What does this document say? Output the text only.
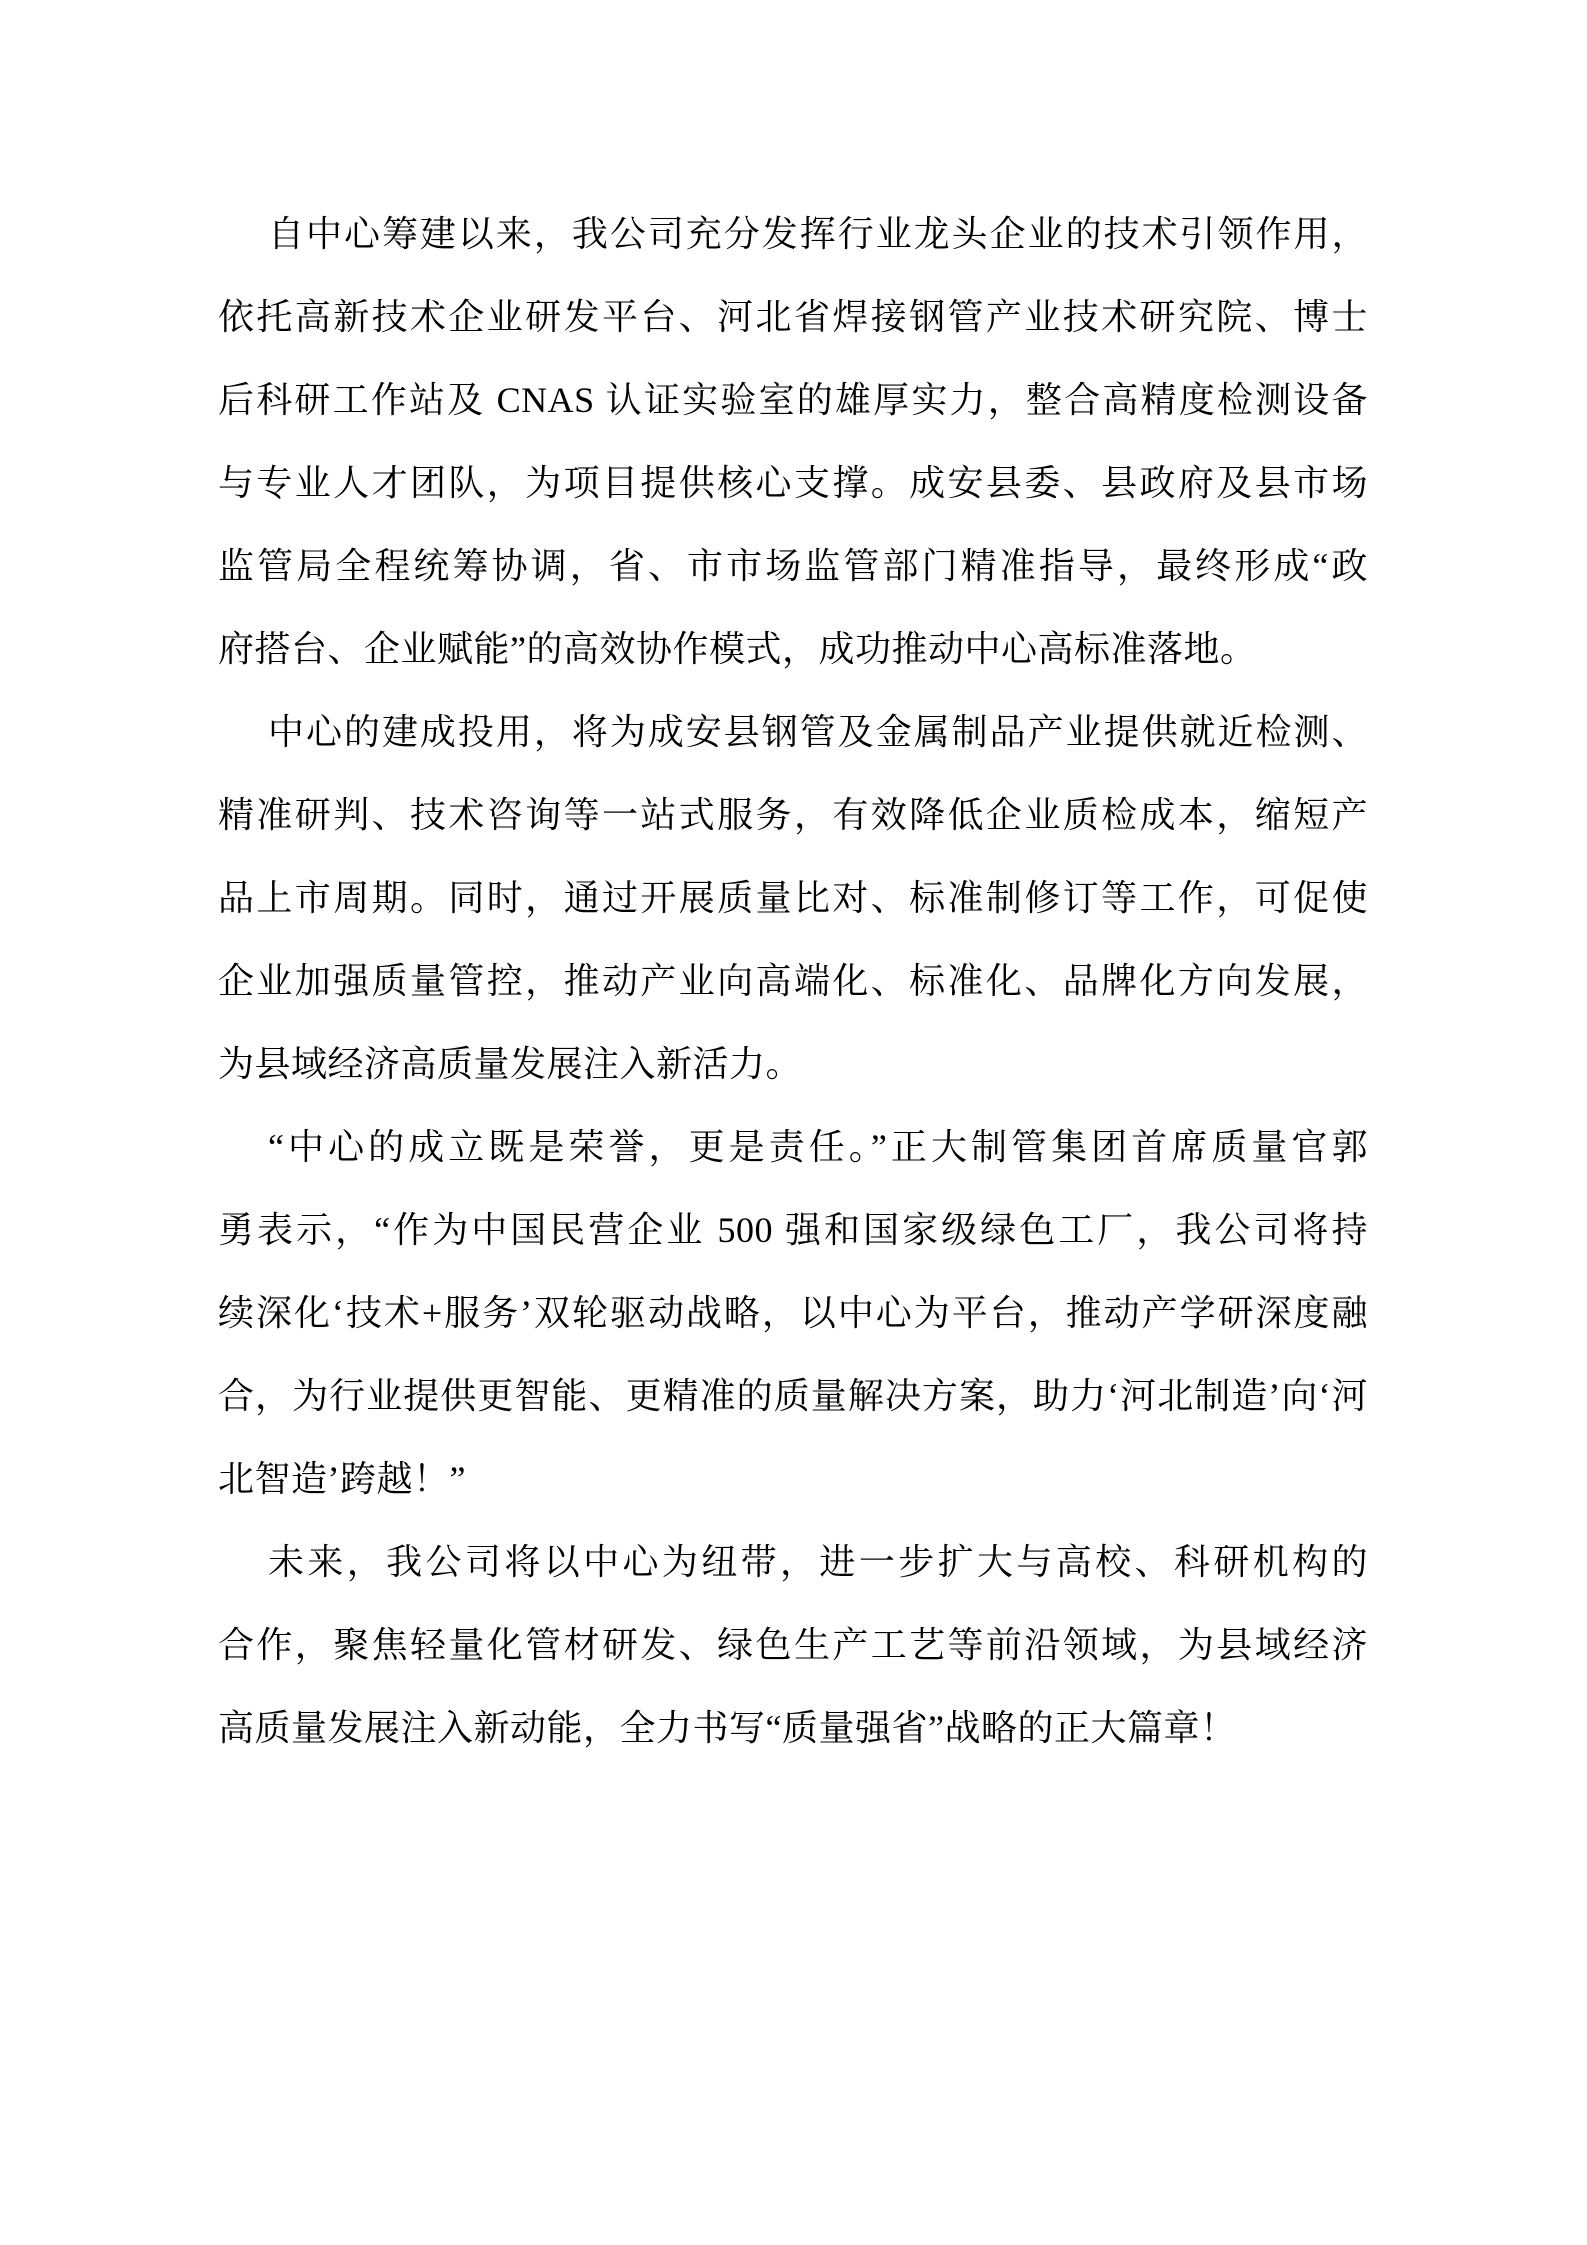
自中心筹建以来，我公司充分发挥行业龙头企业的技术引领作用，
依托高新技术企业研发平台、河北省焊接钢管产业技术研究院、博士
后科研工作站及 CNAS 认证实验室的雄厚实力，整合高精度检测设备
与专业人才团队，为项目提供核心支撑。成安县委、县政府及县市场
监管局全程统筹协调，省、市市场监管部门精准指导，最终形成“政
府搭台、企业赋能”的高效协作模式，成功推动中心高标准落地。
中心的建成投用，将为成安县钢管及金属制品产业提供就近检测、
精准研判、技术咨询等一站式服务，有效降低企业质检成本，缩短产
品上市周期。同时，通过开展质量比对、标准制修订等工作，可促使
企业加强质量管控，推动产业向高端化、标准化、品牌化方向发展，
为县域经济高质量发展注入新活力。
“中心的成立既是荣誉，更是责任。”正大制管集团首席质量官郭
勇表示，“作为中国民营企业 500 强和国家级绿色工厂，我公司将持
续深化‘技术+服务’双轮驱动战略，以中心为平台，推动产学研深度融
合，为行业提供更智能、更精准的质量解决方案，助力‘河北制造’向‘河
北智造’跨越！”
未来，我公司将以中心为纽带，进一步扩大与高校、科研机构的
合作，聚焦轻量化管材研发、绿色生产工艺等前沿领域，为县域经济
高质量发展注入新动能，全力书写“质量强省”战略的正大篇章！
